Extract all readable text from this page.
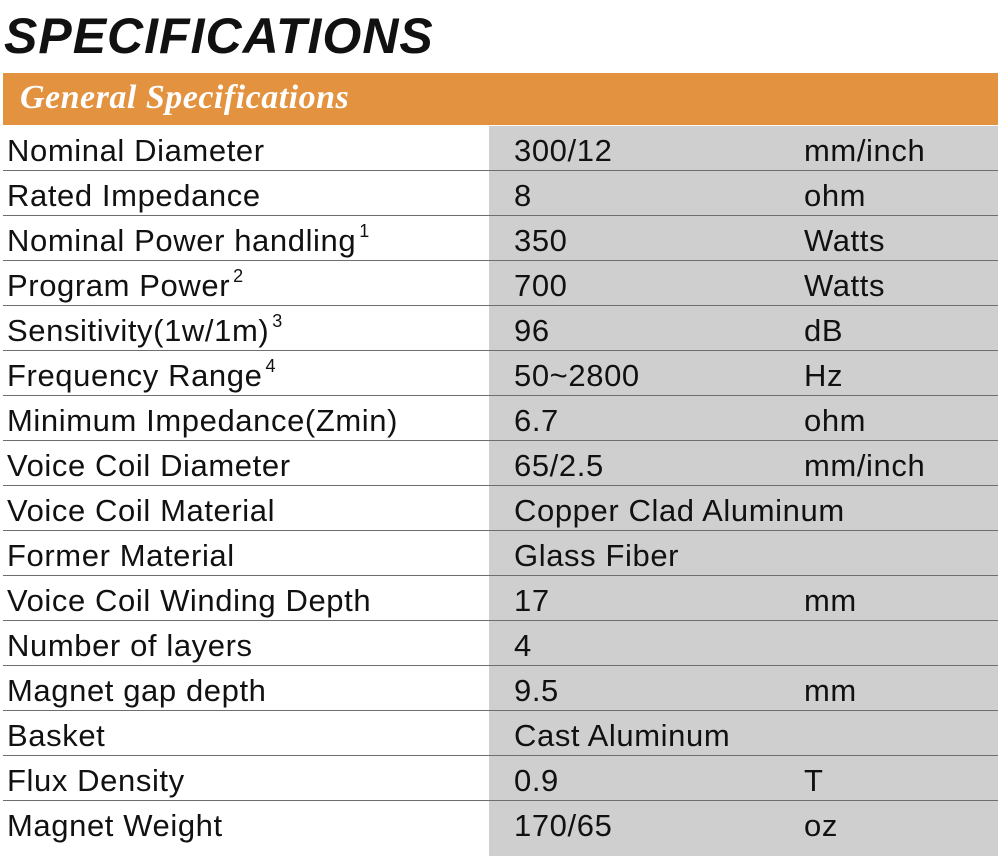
SPECIFICATIONS
General Specifications
Nominal Diameter	300/12	mm/inch
Rated Impedance	8	ohm
Nominal Power handling $^1$	350	Watts
Program Power $^2$	700	Watts
Sensitivity(1w/1m) $^3$	96	dB
Frequency Range $^4$	50~2800	Hz
Minimum Impedance(Zmin)	6.7	ohm
Voice Coil Diameter	65/2.5	mm/inch
Voice Coil Material	Copper Clad Aluminum
Former Material	Glass Fiber
Voice Coil Winding Depth	17	mm
Number of layers	4
Magnet gap depth	9.5	mm
Basket	Cast Aluminum
Flux Density	0.9	T
Magnet Weight	170/65	oz
